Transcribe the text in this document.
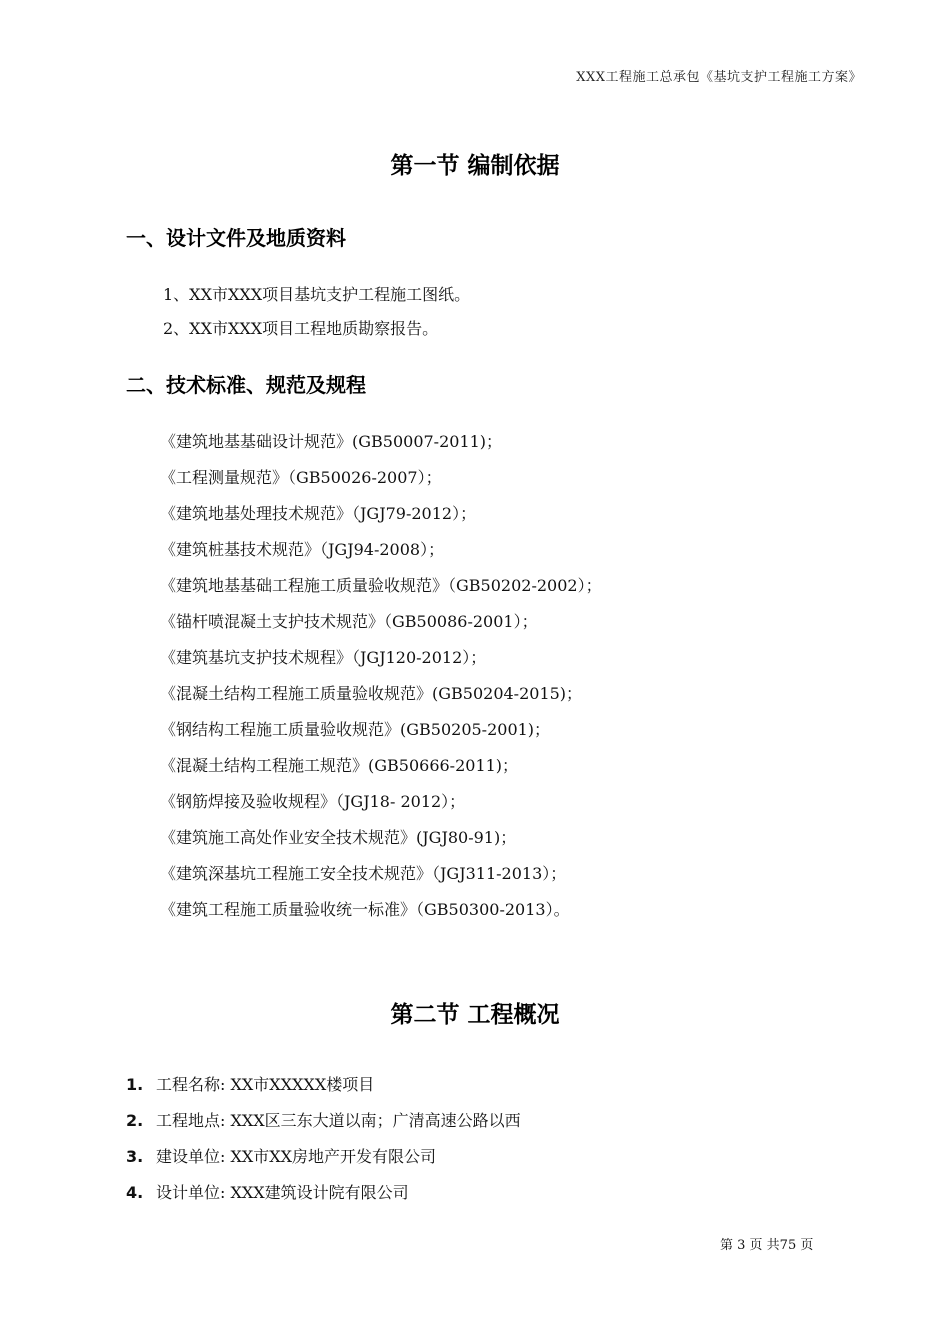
XXX工程施工总承包《基坑支护工程施工方案》
第一节 编制依据
一、设计文件及地质资料
1、XX市XXX项目基坑支护工程施工图纸。
2、XX市XXX项目工程地质勘察报告。
二、技术标准、规范及规程
《建筑地基基础设计规范》(GB50007-2011)；
《工程测量规范》（GB50026-2007）；
《建筑地基处理技术规范》（JGJ79-2012）；
《建筑桩基技术规范》（JGJ94-2008）；
《建筑地基基础工程施工质量验收规范》（GB50202-2002）；
《锚杆喷混凝土支护技术规范》（GB50086-2001）；
《建筑基坑支护技术规程》（JGJ120-2012）；
《混凝土结构工程施工质量验收规范》(GB50204-2015)；
《钢结构工程施工质量验收规范》(GB50205-2001)；
《混凝土结构工程施工规范》(GB50666-2011)；
《钢筋焊接及验收规程》（JGJ18- 2012）；
《建筑施工高处作业安全技术规范》(JGJ80-91)；
《建筑深基坑工程施工安全技术规范》（JGJ311-2013）；
《建筑工程施工质量验收统一标准》（GB50300-2013）。
第二节 工程概况
1. 工程名称: XX市XXXXX楼项目
2. 工程地点: XXX区三东大道以南；广清高速公路以西
3. 建设单位: XX市XX房地产开发有限公司
4. 设计单位: XXX建筑设计院有限公司
第 3 页 共75 页
